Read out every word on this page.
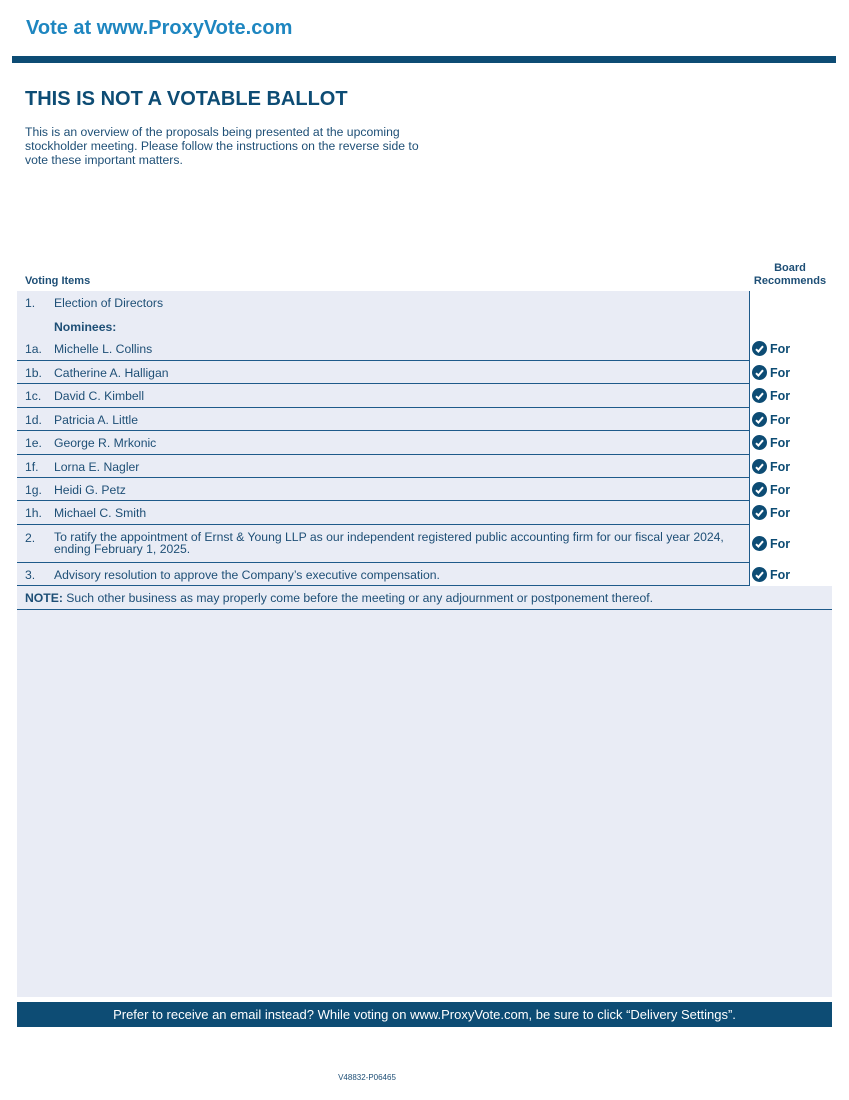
Vote at www.ProxyVote.com
THIS IS NOT A VOTABLE BALLOT

This is an overview of the proposals being presented at the upcoming stockholder meeting. Please follow the instructions on the reverse side to vote these important matters.

Voting Items
Board
Recommends
1. Election of Directors
Nominees:
1a. Michelle L. Collins	For
1b. Catherine A. Halligan	For
1c. David C. Kimbell	For
1d. Patricia A. Little	For
1e. George R. Mrkonic	For
1f. Lorna E. Nagler	For
1g. Heidi G. Petz	For
1h. Michael C. Smith	For
2. To ratify the appointment of Ernst & Young LLP as our independent registered public accounting firm for our fiscal year 2024, ending February 1, 2025.	For
3. Advisory resolution to approve the Company’s executive compensation.	For
NOTE: Such other business as may properly come before the meeting or any adjournment or postponement thereof.
Prefer to receive an email instead? While voting on www.ProxyVote.com, be sure to click “Delivery Settings”.
V48832-P06465
